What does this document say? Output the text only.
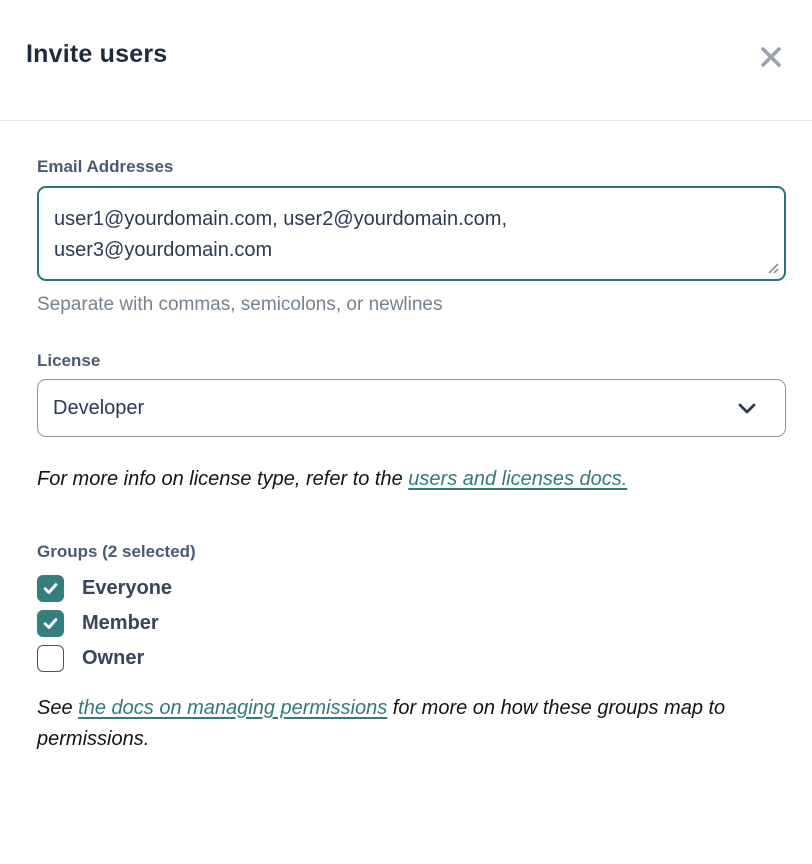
Invite users
Email Addresses
user1@yourdomain.com, user2@yourdomain.com, user3@yourdomain.com
Separate with commas, semicolons, or newlines
License
Developer

For more info on license type, refer to the users and licenses docs.

Groups (2 selected)
Everyone
Member
Owner

See the docs on managing permissions for more on how these groups map to permissions.
